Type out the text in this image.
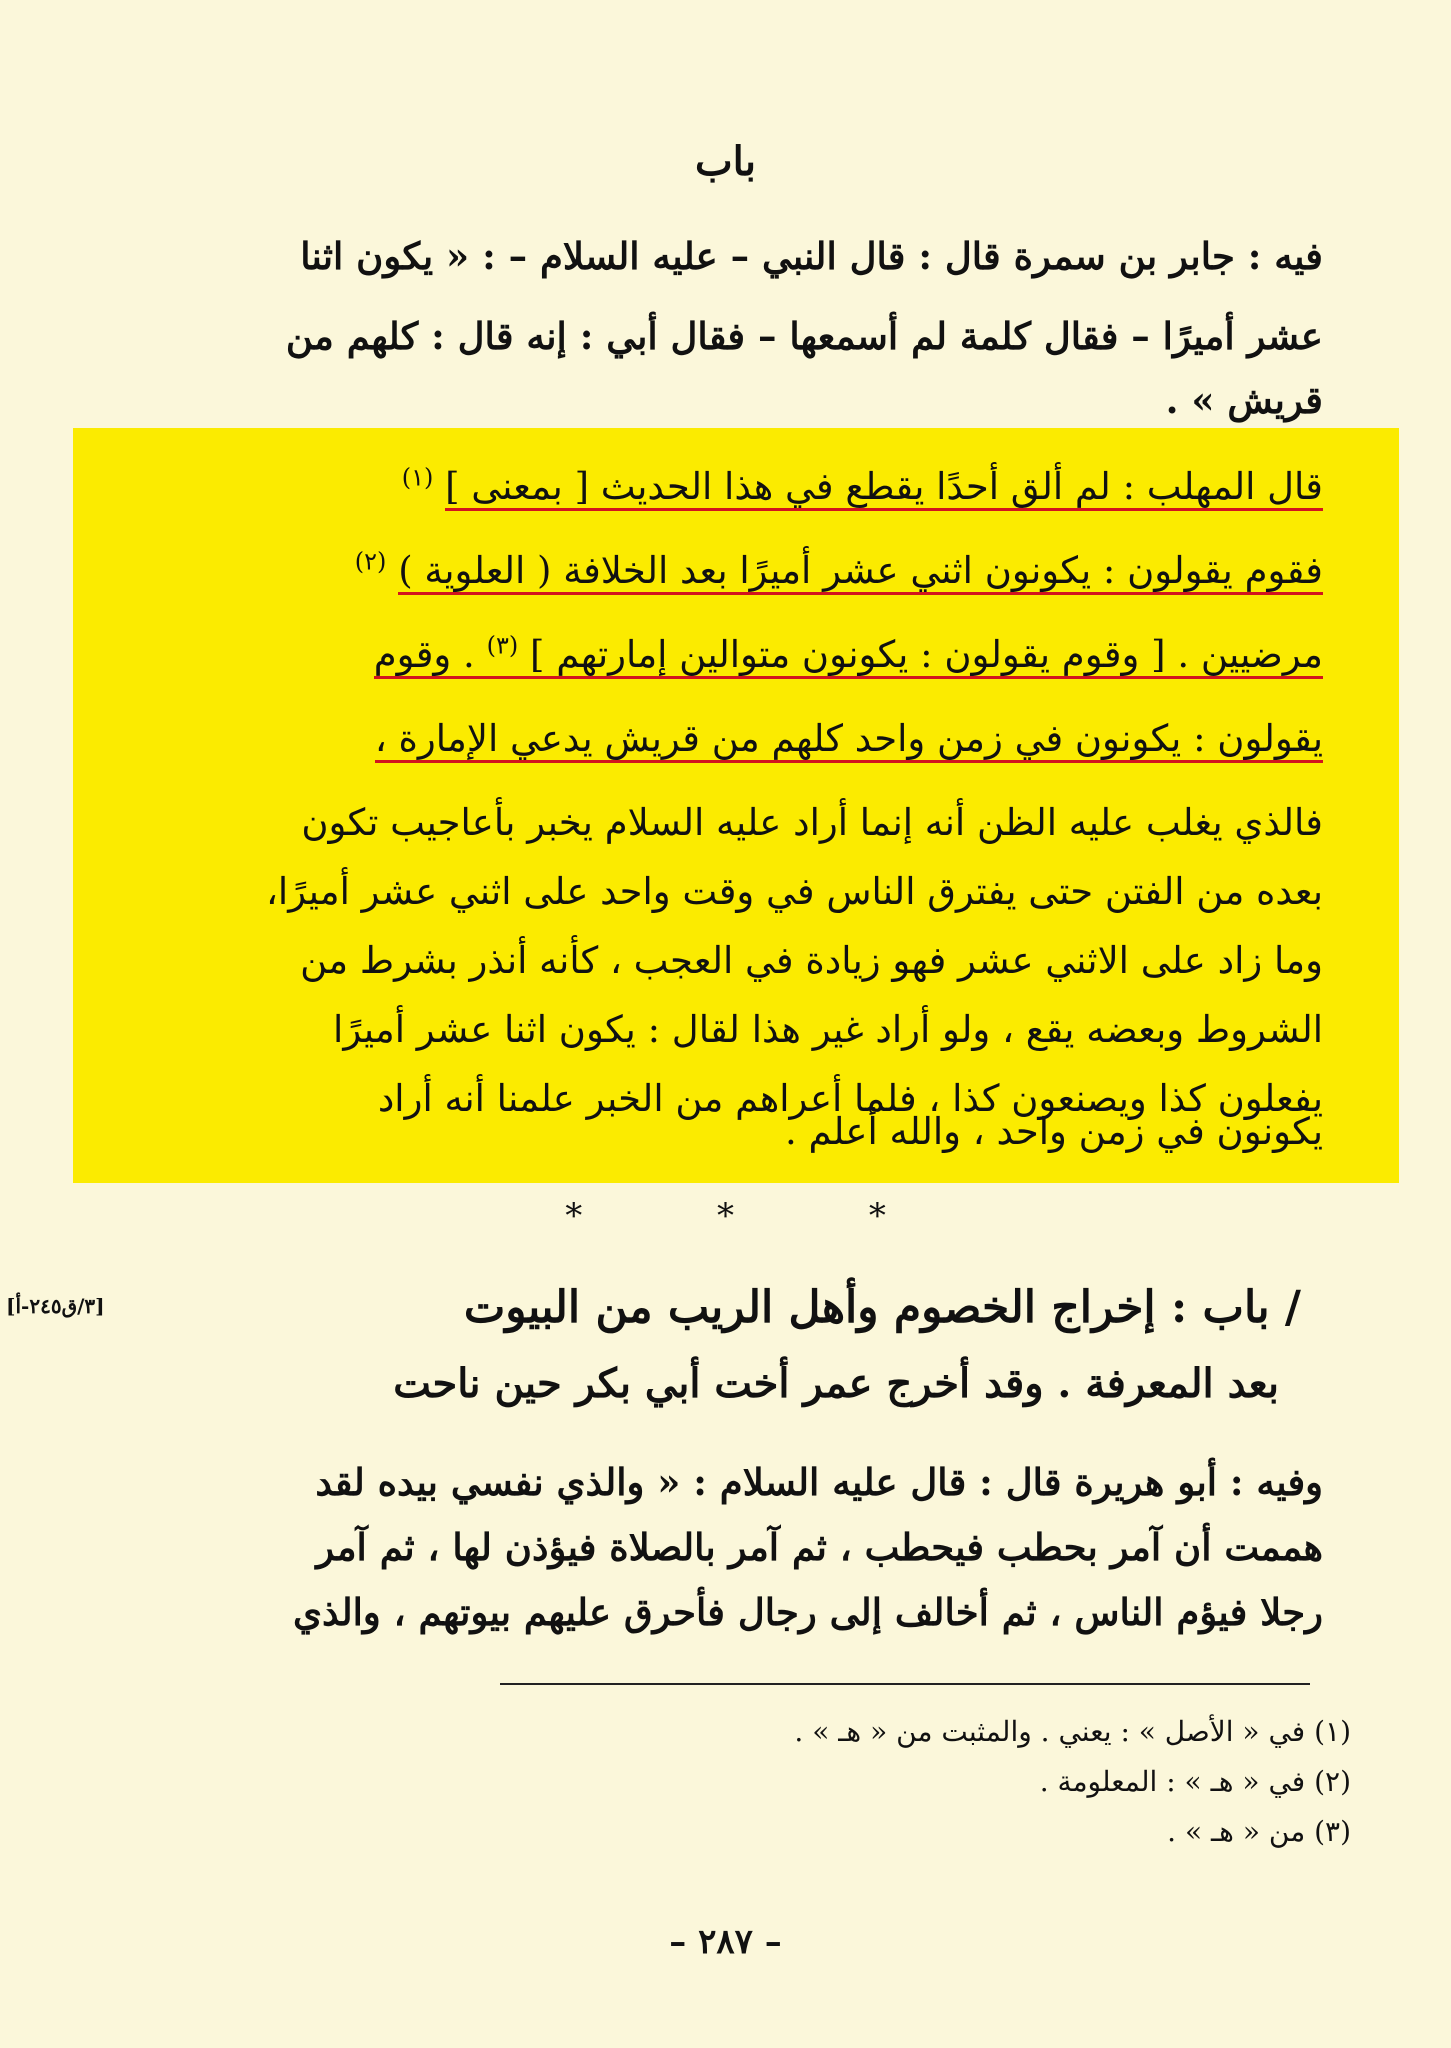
باب
فيه : جابر بن سمرة قال : قال النبي – عليه السلام – : « يكون اثنا
عشر أميرًا – فقال كلمة لم أسمعها – فقال أبي : إنه قال : كلهم من
قريش » .
قال المهلب : لم ألق أحدًا يقطع في هذا الحديث [ بمعنى ] $^{(١)}$
فقوم يقولون : يكونون اثني عشر أميرًا بعد الخلافة ( العلوية ) $^{(٢)}$
مرضيين . [ وقوم يقولون : يكونون متوالين إمارتهم ] $^{(٣)}$ . وقوم
يقولون : يكونون في زمن واحد كلهم من قريش يدعي الإمارة ،
فالذي يغلب عليه الظن أنه إنما أراد عليه السلام يخبر بأعاجيب تكون
بعده من الفتن حتى يفترق الناس في وقت واحد على اثني عشر أميرًا،
وما زاد على الاثني عشر فهو زيادة في العجب ، كأنه أنذر بشرط من
الشروط وبعضه يقع ، ولو أراد غير هذا لقال : يكون اثنا عشر أميرًا
يفعلون كذا ويصنعون كذا ، فلما أعراهم من الخبر علمنا أنه أراد
يكونون في زمن واحد ، والله أعلم .
*	*	*
/ باب : إخراج الخصوم وأهل الريب من البيوت
[٣/ق٢٤٥-أ]
بعد المعرفة . وقد أخرج عمر أخت أبي بكر حين ناحت
وفيه : أبو هريرة قال : قال عليه السلام : « والذي نفسي بيده لقد
هممت أن آمر بحطب فيحطب ، ثم آمر بالصلاة فيؤذن لها ، ثم آمر
رجلا فيؤم الناس ، ثم أخالف إلى رجال فأحرق عليهم بيوتهم ، والذي
(١) في « الأصل » : يعني . والمثبت من « هـ » .
(٢) في « هـ » : المعلومة .
(٣) من « هـ » .
– ٢٨٧ –
